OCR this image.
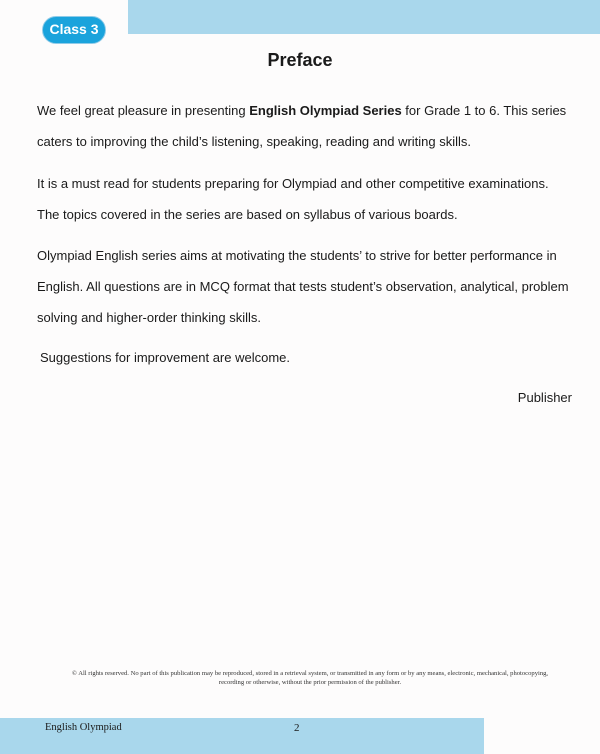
Class 3
Preface

We feel great pleasure in presenting English Olympiad Series for Grade 1 to 6. This series caters to improving the child’s listening, speaking, reading and writing skills.

It is a must read for students preparing for Olympiad and other competitive examinations. The topics covered in the series are based on syllabus of various boards.

Olympiad English series aims at motivating the students’ to strive for better performance in English. All questions are in MCQ format that tests student’s observation, analytical, problem solving and higher-order thinking skills.

Suggestions for improvement are welcome.

Publisher

© All rights reserved. No part of this publication may be reproduced, stored in a retrieval system, or transmitted in any form or by any means, electronic, mechanical, photocopying, recording or otherwise, without the prior permission of the publisher.

English Olympiad	2
